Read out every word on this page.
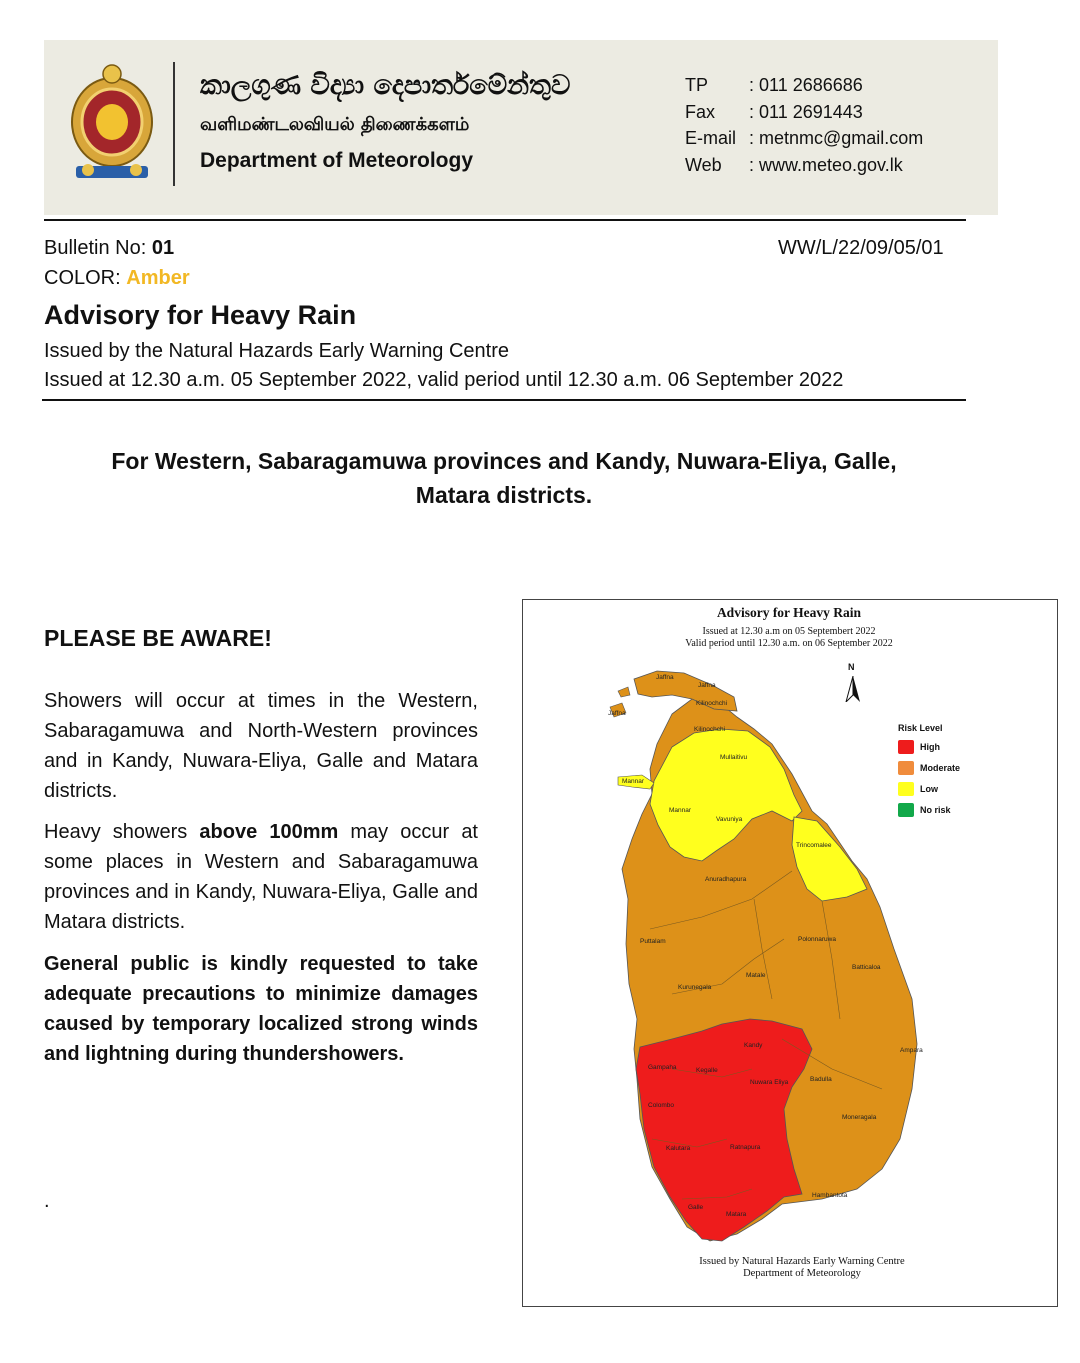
කාලගුණ විද්‍යා දෙපාර්තමේන්තුව
வளிமண்டலவியல் திணைக்களம்
Department of Meteorology
TP : 011 2686686
Fax : 011 2691443
E-mail : metnmc@gmail.com
Web : www.meteo.gov.lk
Bulletin No: 01	WW/L/22/09/05/01
COLOR: Amber
Advisory for Heavy Rain
Issued by the Natural Hazards Early Warning Centre
Issued at 12.30 a.m. 05 September 2022, valid period until 12.30 a.m. 06 September 2022
For Western, Sabaragamuwa provinces and Kandy, Nuwara-Eliya, Galle,
Matara districts.
PLEASE BE AWARE!
Showers will occur at times in the Western, Sabaragamuwa and North-Western provinces and in Kandy, Nuwara-Eliya, Galle and Matara districts.
Heavy showers above 100mm may occur at some places in Western and Sabaragamuwa provinces and in Kandy, Nuwara-Eliya, Galle and Matara districts.
General public is kindly requested to take adequate precautions to minimize damages caused by temporary localized strong winds and lightning during thundershowers.
.
Advisory for Heavy Rain
Issued at 12.30 a.m on 05 Septembert 2022
Valid period until 12.30 a.m. on 06 September 2022
Jaffna
Jaffna
Jaffna
Kilinochchi
Kilinochchi
Mullaitivu
Mannar
Mannar
Vavuniya
Trincomalee
Anuradhapura
Puttalam	Polonnaruwa
Batticaloa
Matale
Kurunegala
Kandy
Gampaha	Kegalle
Nuwara Eliya	Badulla
Ampara
Colombo
Moneragala
Kalutara	Ratnapura
Hambantota
Galle
Matara
N
Risk Level
High
Moderate
Low
No risk
Issued by Natural Hazards Early Warning Centre
Department of Meteorology
